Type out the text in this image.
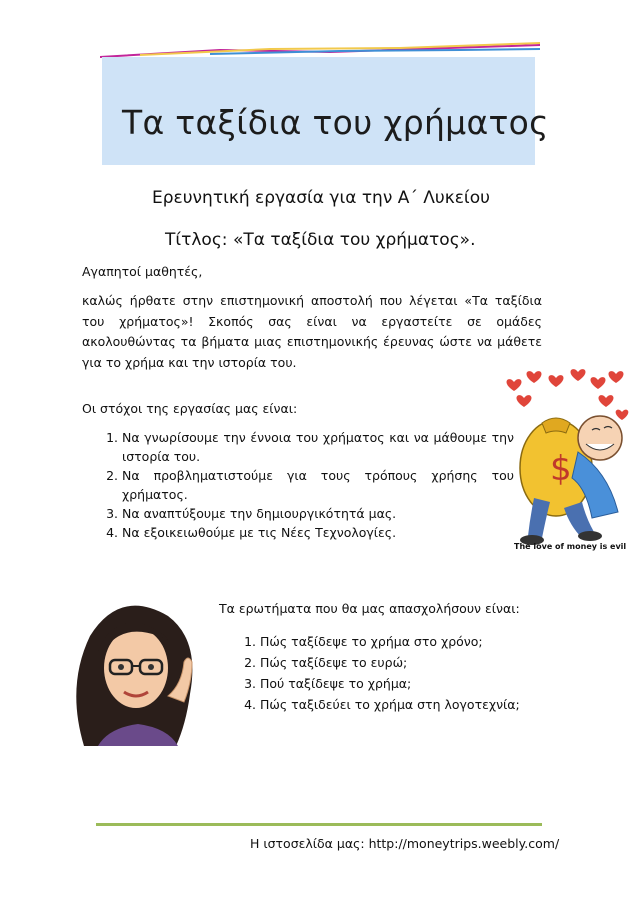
Τα ταξίδια του χρήματος
Ερευνητική εργασία για την Α΄ Λυκείου
Τίτλος: «Τα ταξίδια του χρήματος».
Αγαπητοί μαθητές,
καλώς ήρθατε στην επιστημονική αποστολή που λέγεται «Τα ταξίδια του χρήματος»! Σκοπός σας είναι να εργαστείτε σε ομάδες ακολουθώντας τα βήματα μιας επιστημονικής έρευνας ώστε να μάθετε για το χρήμα και την ιστορία του.
Οι στόχοι της εργασίας μας είναι:
1. Να γνωρίσουμε την έννοια του χρήματος και να μάθουμε την ιστορία του.
2. Να προβληματιστούμε για τους τρόπους χρήσης του χρήματος.
3. Να αναπτύξουμε την δημιουργικότητά μας.
4. Να εξοικειωθούμε με τις Νέες Τεχνολογίες.
$
The love of money is evil
Τα ερωτήματα που θα μας απασχολήσουν είναι:
1. Πώς ταξίδεψε το χρήμα στο χρόνο;
2. Πώς ταξίδεψε το ευρώ;
3. Πού ταξίδεψε το χρήμα;
4. Πώς ταξιδεύει το χρήμα στη λογοτεχνία;
Η ιστοσελίδα μας: http://moneytrips.weebly.com/
